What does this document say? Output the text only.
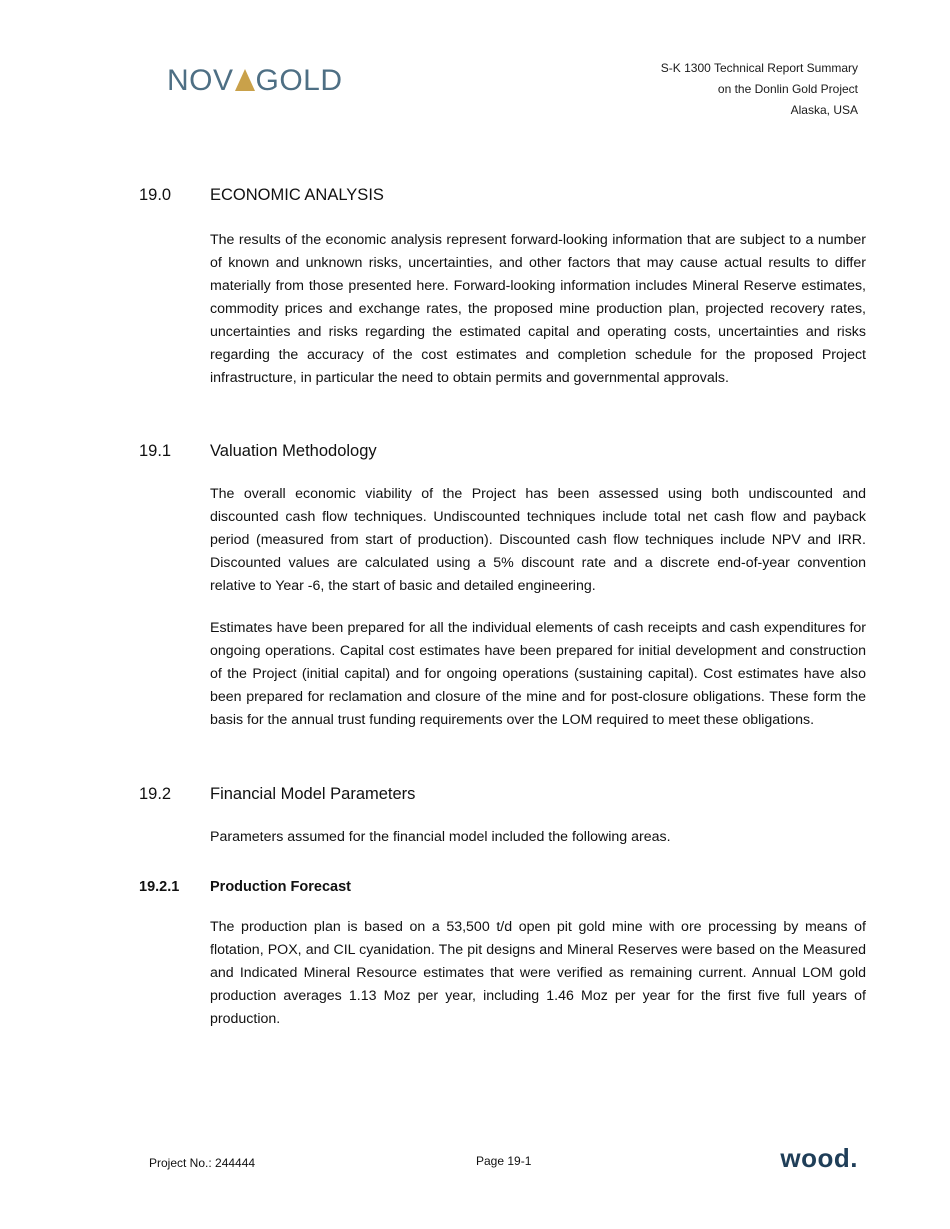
NOV GOLD	S-K 1300 Technical Report Summary
on the Donlin Gold Project
Alaska, USA
19.0 ECONOMIC ANALYSIS

The results of the economic analysis represent forward-looking information that are subject to a number of known and unknown risks, uncertainties, and other factors that may cause actual results to differ materially from those presented here. Forward-looking information includes Mineral Reserve estimates, commodity prices and exchange rates, the proposed mine production plan, projected recovery rates, uncertainties and risks regarding the estimated capital and operating costs, uncertainties and risks regarding the accuracy of the cost estimates and completion schedule for the proposed Project infrastructure, in particular the need to obtain permits and governmental approvals.

19.1 Valuation Methodology

The overall economic viability of the Project has been assessed using both undiscounted and discounted cash flow techniques. Undiscounted techniques include total net cash flow and payback period (measured from start of production). Discounted cash flow techniques include NPV and IRR. Discounted values are calculated using a 5% discount rate and a discrete end-of-year convention relative to Year -6, the start of basic and detailed engineering.

Estimates have been prepared for all the individual elements of cash receipts and cash expenditures for ongoing operations. Capital cost estimates have been prepared for initial development and construction of the Project (initial capital) and for ongoing operations (sustaining capital). Cost estimates have also been prepared for reclamation and closure of the mine and for post-closure obligations. These form the basis for the annual trust funding requirements over the LOM required to meet these obligations.

19.2 Financial Model Parameters

Parameters assumed for the financial model included the following areas.

19.2.1 Production Forecast

The production plan is based on a 53,500 t/d open pit gold mine with ore processing by means of flotation, POX, and CIL cyanidation. The pit designs and Mineral Reserves were based on the Measured and Indicated Mineral Resource estimates that were verified as remaining current. Annual LOM gold production averages 1.13 Moz per year, including 1.46 Moz per year for the first five full years of production.

Project No.: 244444	Page 19-1	wood.
